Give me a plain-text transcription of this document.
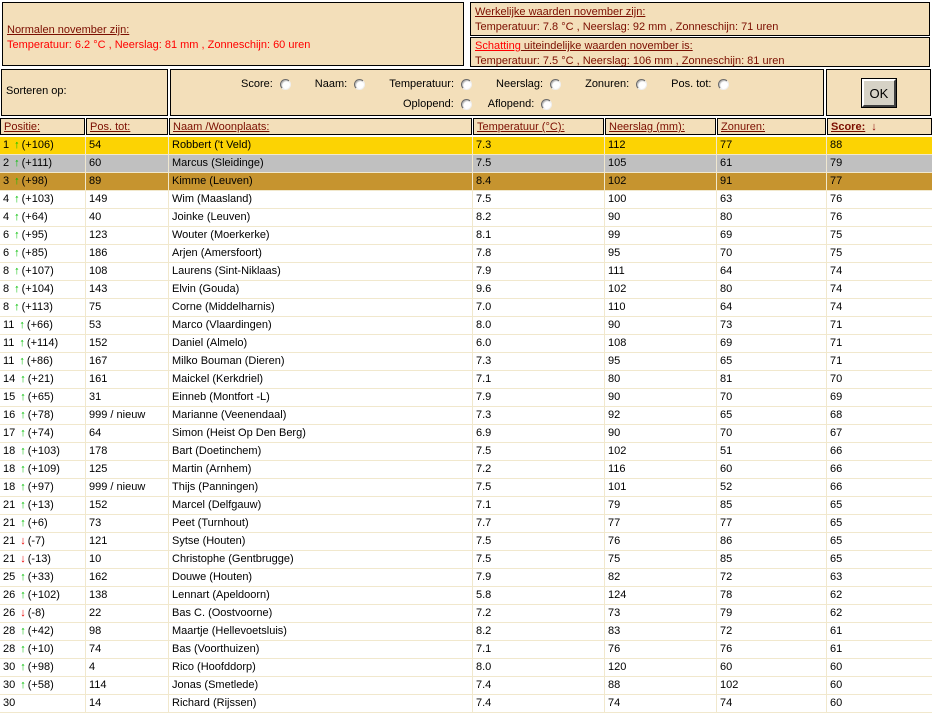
Normalen november zijn:
Temperatuur: 6.2 °C , Neerslag: 81 mm , Zonneschijn: 60 uren
Werkelijke waarden november zijn:
Temperatuur: 7.8 °C , Neerslag: 92 mm , Zonneschijn: 71 uren
Schatting uiteindelijke waarden november is:
Temperatuur: 7.5 °C , Neerslag: 106 mm , Zonneschijn: 81 uren
Sorteren op:
Score:	Naam:	Temperatuur:	Neerslag:	Zonuren:	Pos. tot:
Oplopend:	Aflopend:
OK
Positie:	Pos. tot:	Naam /Woonplaats:	Temperatuur (°C):	Neerslag (mm):	Zonuren:	Score: ↓
1 ↑ (+106)	54	Robbert ('t Veld)	7.3	112	77	88
2 ↑ (+111)	60	Marcus (Sleidinge)	7.5	105	61	79
3 ↑ (+98)	89	Kimme (Leuven)	8.4	102	91	77
4 ↑ (+103)	149	Wim (Maasland)	7.5	100	63	76
4 ↑ (+64)	40	Joinke (Leuven)	8.2	90	80	76
6 ↑ (+95)	123	Wouter (Moerkerke)	8.1	99	69	75
6 ↑ (+85)	186	Arjen (Amersfoort)	7.8	95	70	75
8 ↑ (+107)	108	Laurens (Sint-Niklaas)	7.9	111	64	74
8 ↑ (+104)	143	Elvin (Gouda)	9.6	102	80	74
8 ↑ (+113)	75	Corne (Middelharnis)	7.0	110	64	74
11 ↑ (+66)	53	Marco (Vlaardingen)	8.0	90	73	71
11 ↑ (+114)	152	Daniel (Almelo)	6.0	108	69	71
11 ↑ (+86)	167	Milko Bouman (Dieren)	7.3	95	65	71
14 ↑ (+21)	161	Maickel (Kerkdriel)	7.1	80	81	70
15 ↑ (+65)	31	Einneb (Montfort -L)	7.9	90	70	69
16 ↑ (+78)	999 / nieuw	Marianne (Veenendaal)	7.3	92	65	68
17 ↑ (+74)	64	Simon (Heist Op Den Berg)	6.9	90	70	67
18 ↑ (+103)	178	Bart (Doetinchem)	7.5	102	51	66
18 ↑ (+109)	125	Martin (Arnhem)	7.2	116	60	66
18 ↑ (+97)	999 / nieuw	Thijs (Panningen)	7.5	101	52	66
21 ↑ (+13)	152	Marcel (Delfgauw)	7.1	79	85	65
21 ↑ (+6)	73	Peet (Turnhout)	7.7	77	77	65
21 ↓ (-7)	121	Sytse (Houten)	7.5	76	86	65
21 ↓ (-13)	10	Christophe (Gentbrugge)	7.5	75	85	65
25 ↑ (+33)	162	Douwe (Houten)	7.9	82	72	63
26 ↑ (+102)	138	Lennart (Apeldoorn)	5.8	124	78	62
26 ↓ (-8)	22	Bas C. (Oostvoorne)	7.2	73	79	62
28 ↑ (+42)	98	Maartje (Hellevoetsluis)	8.2	83	72	61
28 ↑ (+10)	74	Bas (Voorthuizen)	7.1	76	76	61
30 ↑ (+98)	4	Rico (Hoofddorp)	8.0	120	60	60
30 ↑ (+58)	114	Jonas (Smetlede)	7.4	88	102	60
30	14	Richard (Rijssen)	7.4	74	74	60
